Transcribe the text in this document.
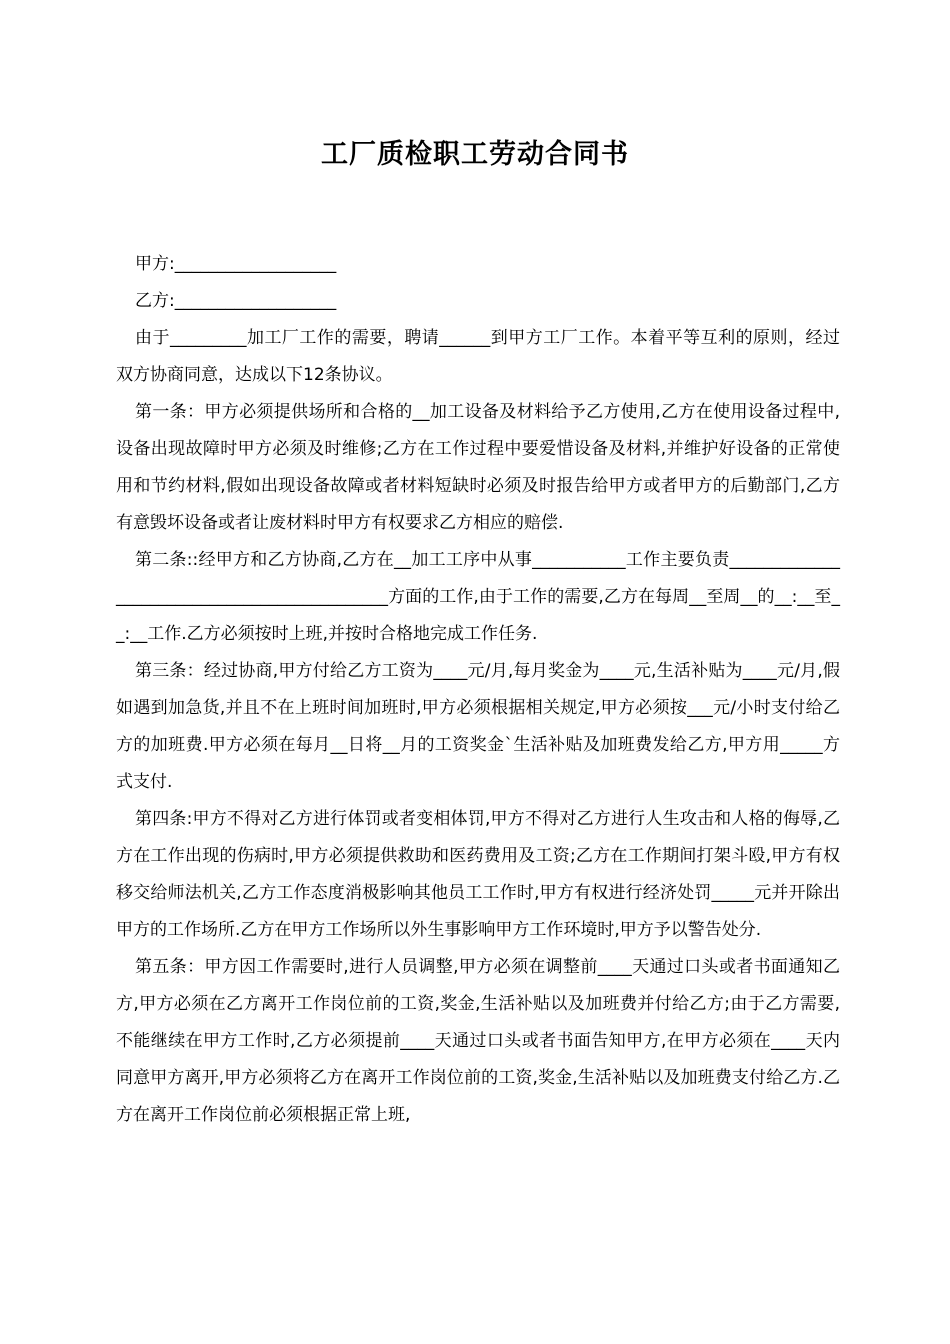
工厂质检职工劳动合同书

甲方:___________________

乙方:___________________

由于_________加工厂工作的需要，聘请______到甲方工厂工作。本着平等互利的原则，经过双方协商同意，达成以下12条协议。

第一条：甲方必须提供场所和合格的__加工设备及材料给予乙方使用,乙方在使用设备过程中,设备出现故障时甲方必须及时维修;乙方在工作过程中要爱惜设备及材料,并维护好设备的正常使用和节约材料,假如出现设备故障或者材料短缺时必须及时报告给甲方或者甲方的后勤部门,乙方有意毁坏设备或者让废材料时甲方有权要求乙方相应的赔偿.

第二条::经甲方和乙方协商,乙方在__加工工序中从事___________工作主要负责_____________________________________________方面的工作,由于工作的需要,乙方在每周__至周__的__:__至__:__工作.乙方必须按时上班,并按时合格地完成工作任务.

第三条：经过协商,甲方付给乙方工资为____元/月,每月奖金为____元,生活补贴为____元/月,假如遇到加急货,并且不在上班时间加班时,甲方必须根据相关规定,甲方必须按___元/小时支付给乙方的加班费.甲方必须在每月__日将__月的工资奖金`生活补贴及加班费发给乙方,甲方用_____方式支付.

第四条:甲方不得对乙方进行体罚或者变相体罚,甲方不得对乙方进行人生攻击和人格的侮辱,乙方在工作出现的伤病时,甲方必须提供救助和医药费用及工资;乙方在工作期间打架斗殴,甲方有权移交给师法机关,乙方工作态度消极影响其他员工工作时,甲方有权进行经济处罚_____元并开除出甲方的工作场所.乙方在甲方工作场所以外生事影响甲方工作环境时,甲方予以警告处分.

第五条：甲方因工作需要时,进行人员调整,甲方必须在调整前____天通过口头或者书面通知乙方,甲方必须在乙方离开工作岗位前的工资,奖金,生活补贴以及加班费并付给乙方;由于乙方需要,不能继续在甲方工作时,乙方必须提前____天通过口头或者书面告知甲方,在甲方必须在____天内同意甲方离开,甲方必须将乙方在离开工作岗位前的工资,奖金,生活补贴以及加班费支付给乙方.乙方在离开工作岗位前必须根据正常上班,
